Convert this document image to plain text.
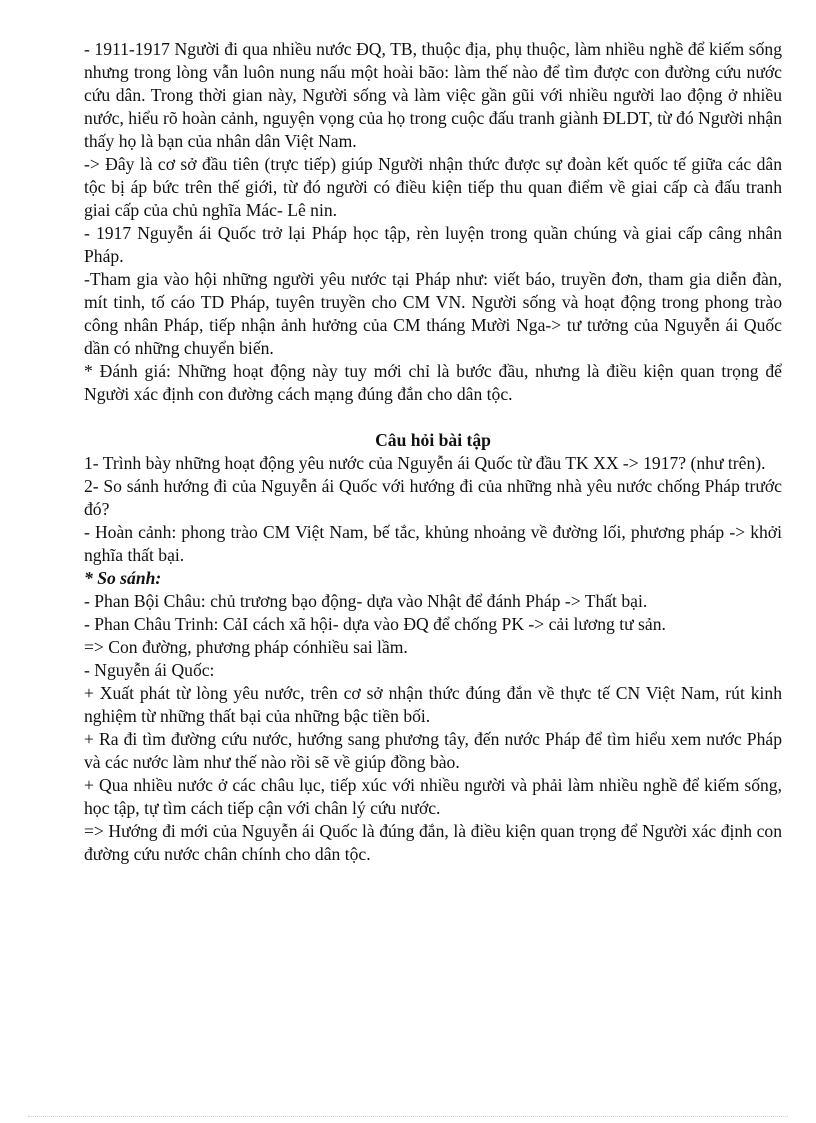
- 1911-1917 Người đi qua nhiều nước ĐQ, TB, thuộc địa, phụ thuộc, làm nhiều nghề để kiếm sống nhưng trong lòng vẫn luôn nung nấu một hoài bão: làm thế nào để tìm được con đường cứu nước cứu dân. Trong thời gian này, Người sống và làm việc gần gũi với nhiều người lao động ở nhiều nước, hiểu rõ hoàn cảnh, nguyện vọng của họ trong cuộc đấu tranh giành ĐLDT, từ đó Người nhận thấy họ là bạn của nhân dân Việt Nam.

-> Đây là cơ sở đầu tiên (trực tiếp) giúp Người nhận thức được sự đoàn kết quốc tế giữa các dân tộc bị áp bức trên thế giới, từ đó người có điều kiện tiếp thu quan điểm về giai cấp cà đấu tranh giai cấp của chủ nghĩa Mác- Lê nin.

- 1917 Nguyễn ái Quốc trở lại Pháp học tập, rèn luyện trong quần chúng và giai cấp câng nhân Pháp.

-Tham gia vào hội những người yêu nước tại Pháp như: viết báo, truyền đơn, tham gia diễn đàn, mít tinh, tố cáo TD Pháp, tuyên truyền cho CM VN. Người sống và hoạt động trong phong trào công nhân Pháp, tiếp nhận ảnh hưởng của CM tháng Mười Nga-> tư tưởng của Nguyễn ái Quốc dần có những chuyển biến.

* Đánh giá: Những hoạt động này tuy mới chỉ là bước đầu, nhưng là điều kiện quan trọng để Người xác định con đường cách mạng đúng đắn cho dân tộc.

Câu hỏi bài tập

1- Trình bày những hoạt động yêu nước của Nguyễn ái Quốc từ đầu TK XX -> 1917? (như trên).

2- So sánh hướng đi của Nguyễn ái Quốc với hướng đi của những nhà yêu nước chống Pháp trước đó?

- Hoàn cảnh: phong trào CM Việt Nam, bế tắc, khủng nhoảng về đường lối, phương pháp -> khởi nghĩa thất bại.

* So sánh:

- Phan Bội Châu: chủ trương bạo động- dựa vào Nhật để đánh Pháp -> Thất bại.

- Phan Châu Trinh: CảI cách xã hội- dựa vào ĐQ để chống PK -> cải lương tư sản.

=> Con đường, phương pháp cónhiều sai lầm.

- Nguyễn ái Quốc:

+ Xuất phát từ lòng yêu nước, trên cơ sở nhận thức đúng đắn về thực tế CN Việt Nam, rút kinh nghiệm từ những thất bại của những bậc tiền bối.

+ Ra đi tìm đường cứu nước, hướng sang phương tây, đến nước Pháp để tìm hiểu xem nước Pháp và các nước làm như thế nào rồi sẽ về giúp đồng bào.

+ Qua nhiều nước ở các châu lục, tiếp xúc với nhiều người và phải làm nhiều nghề để kiếm sống, học tập, tự tìm cách tiếp cận với chân lý cứu nước.

=> Hướng đi mới của Nguyễn ái Quốc là đúng đắn, là điều kiện quan trọng để Người xác định con đường cứu nước chân chính cho dân tộc.
